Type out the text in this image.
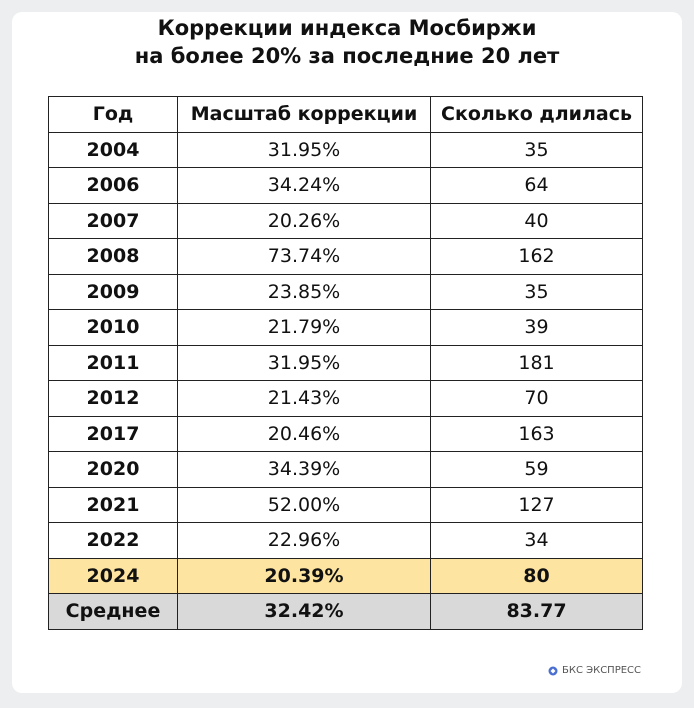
Коррекции индекса Мосбиржи
на более 20% за последние 20 лет
Год	Масштаб коррекции	Сколько длилась
2004	31.95%	35
2006	34.24%	64
2007	20.26%	40
2008	73.74%	162
2009	23.85%	35
2010	21.79%	39
2011	31.95%	181
2012	21.43%	70
2017	20.46%	163
2020	34.39%	59
2021	52.00%	127
2022	22.96%	34
2024	20.39%	80
Среднее	32.42%	83.77
БКС ЭКСПРЕСС
